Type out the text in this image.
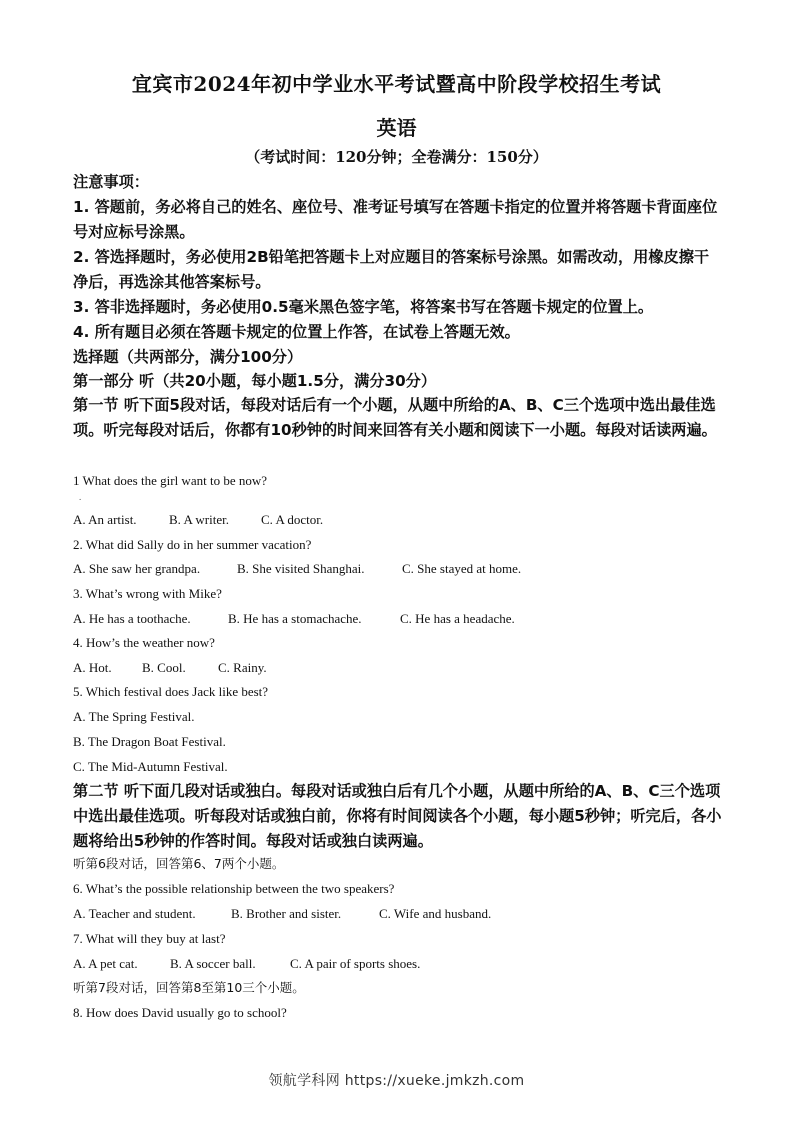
宜宾市2024年初中学业水平考试暨高中阶段学校招生考试
英语
（考试时间：120分钟；全卷满分：150分）
注意事项：
1. 答题前，务必将自己的姓名、座位号、准考证号填写在答题卡指定的位置并将答题卡背面座位号对应标号涂黑。
2. 答选择题时，务必使用2B铅笔把答题卡上对应题目的答案标号涂黑。如需改动，用橡皮擦干净后，再选涂其他答案标号。
3. 答非选择题时，务必使用0.5毫米黑色签字笔，将答案书写在答题卡规定的位置上。
4. 所有题目必须在答题卡规定的位置上作答，在试卷上答题无效。
选择题（共两部分，满分100分）
第一部分 听（共20小题，每小题1.5分，满分30分）
第一节 听下面5段对话，每段对话后有一个小题，从题中所给的A、B、C三个选项中选出最佳选项。听完每段对话后，你都有10秒钟的时间来回答有关小题和阅读下一小题。每段对话读两遍。
1 What does the girl want to be now?
.
A. An artist. B. A writer. C. A doctor.
2. What did Sally do in her summer vacation?
A. She saw her grandpa.	B. She visited Shanghai.	C. She stayed at home.
3. What’s wrong with Mike?
A. He has a toothache.	B. He has a stomachache.	C. He has a headache.
4. How’s the weather now?
A. Hot. B. Cool. C. Rainy.
5. Which festival does Jack like best?
A. The Spring Festival.
B. The Dragon Boat Festival.
C. The Mid-Autumn Festival.
第二节 听下面几段对话或独白。每段对话或独白后有几个小题，从题中所给的A、B、C三个选项中选出最佳选项。听每段对话或独白前，你将有时间阅读各个小题，每小题5秒钟；听完后，各小题将给出5秒钟的作答时间。每段对话或独白读两遍。
听第6段对话，回答第6、7两个小题。
6. What’s the possible relationship between the two speakers?
A. Teacher and student.	B. Brother and sister.	C. Wife and husband.
7. What will they buy at last?
A. A pet cat. B. A soccer ball.	C. A pair of sports shoes.
听第7段对话，回答第8至第10三个小题。
8. How does David usually go to school?
领航学科网 https://xueke.jmkzh.com
